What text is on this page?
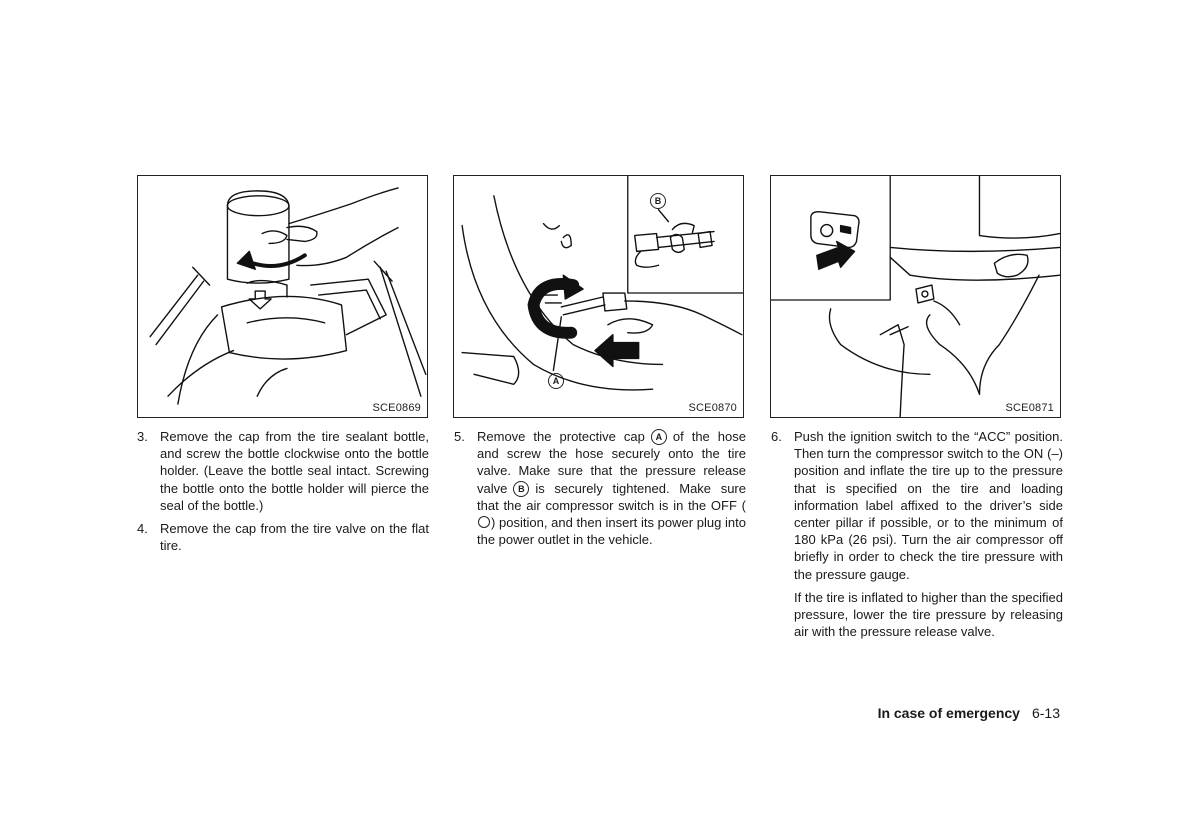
SCE0869
B
A
SCE0870	SCE0871
3. Remove the cap from the tire sealant bottle, and screw the bottle clockwise onto the bottle holder. (Leave the bottle seal intact. Screwing the bottle onto the bottle holder will pierce the seal of the bottle.)
4. Remove the cap from the tire valve on the flat tire.
5. Remove the protective cap A of the hose and screw the hose securely onto the tire valve. Make sure that the pressure release valve B is securely tightened. Make sure that the air compressor switch is in the OFF () position, and then insert its power plug into the power outlet in the vehicle.
6. Push the ignition switch to the “ACC” position. Then turn the compressor switch to the ON (–) position and inflate the tire up to the pressure that is specified on the tire and loading information label affixed to the driver’s side center pillar if possible, or to the minimum of 180 kPa (26 psi). Turn the air compressor off briefly in order to check the tire pressure with the pressure gauge.
If the tire is inflated to higher than the specified pressure, lower the tire pressure by releasing air with the pressure release valve.
In case of emergency 6-13
